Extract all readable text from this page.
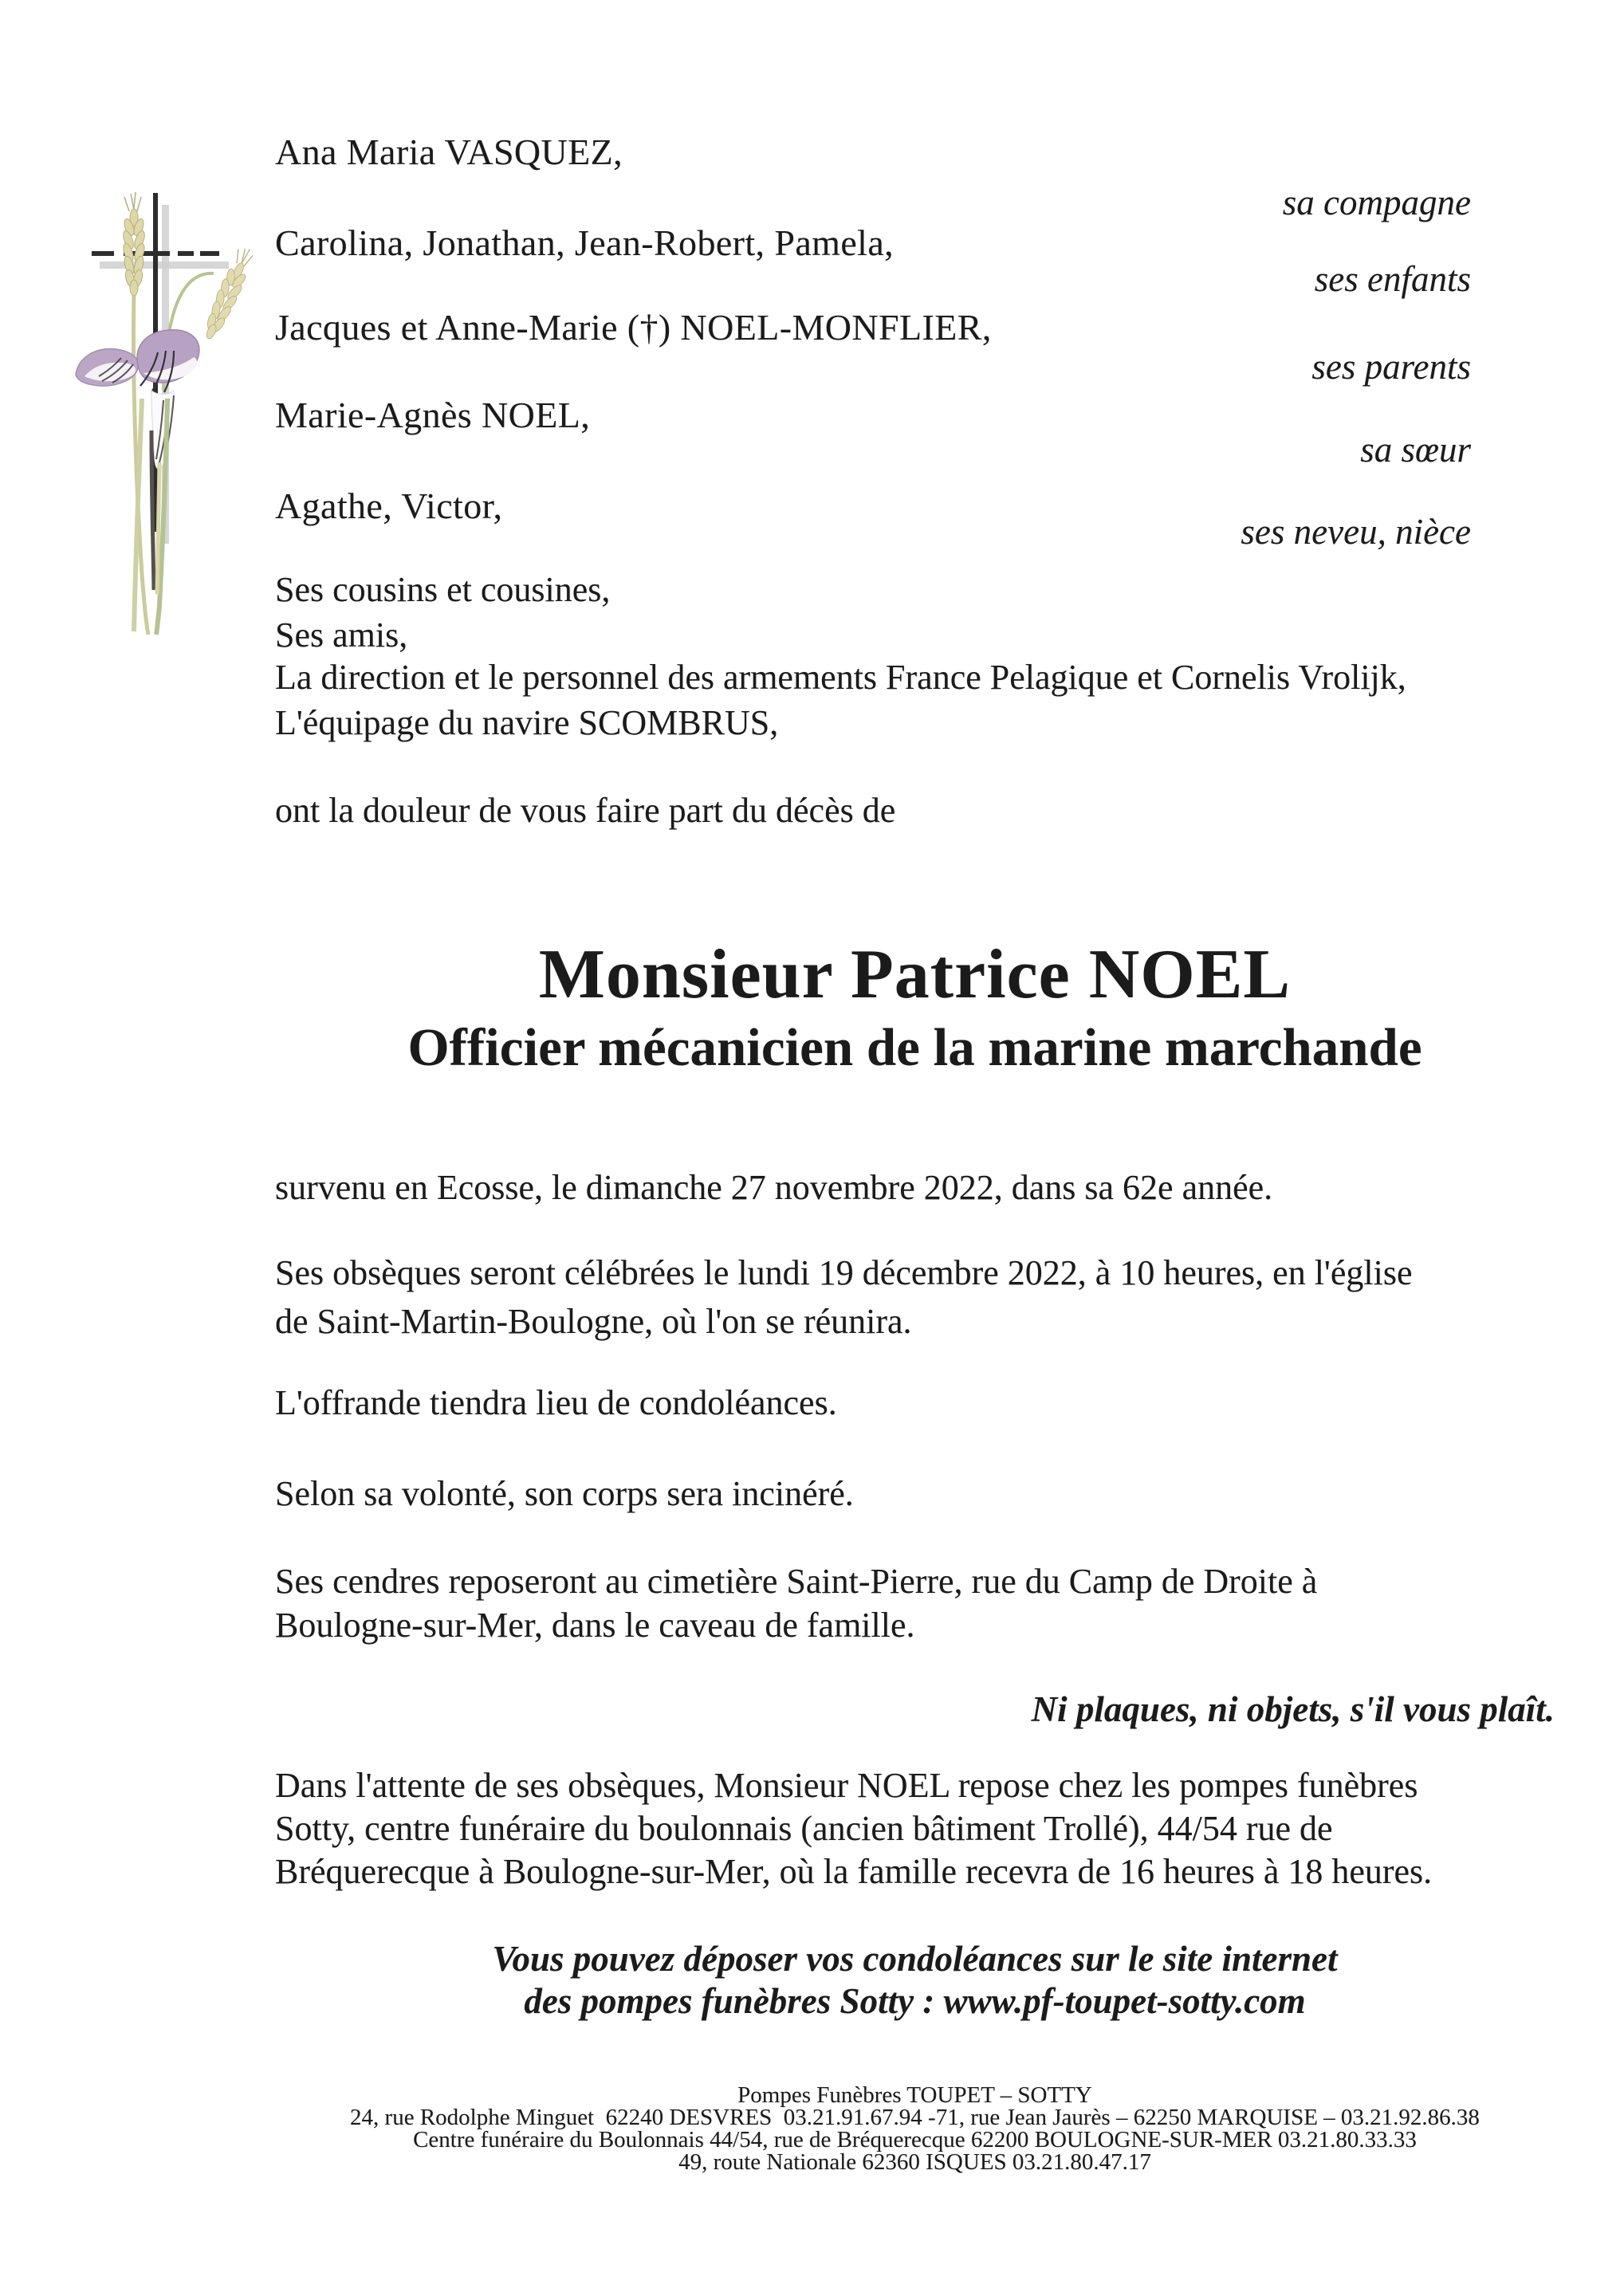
Ana Maria VASQUEZ,
sa compagne
Carolina, Jonathan, Jean-Robert, Pamela,
ses enfants
Jacques et Anne-Marie (†) NOEL-MONFLIER,
ses parents
Marie-Agnès NOEL,
sa sœur
Agathe, Victor,
ses neveu, nièce
Ses cousins et cousines,
Ses amis,
La direction et le personnel des armements France Pelagique et Cornelis Vrolijk,
L'équipage du navire SCOMBRUS,
ont la douleur de vous faire part du décès de
Monsieur Patrice NOEL
Officier mécanicien de la marine marchande
survenu en Ecosse, le dimanche 27 novembre 2022, dans sa 62e année.
Ses obsèques seront célébrées le lundi 19 décembre 2022, à 10 heures, en l'église
de Saint-Martin-Boulogne, où l'on se réunira.
L'offrande tiendra lieu de condoléances.
Selon sa volonté, son corps sera incinéré.
Ses cendres reposeront au cimetière Saint-Pierre, rue du Camp de Droite à
Boulogne-sur-Mer, dans le caveau de famille.
Ni plaques, ni objets, s'il vous plaît.
Dans l'attente de ses obsèques, Monsieur NOEL repose chez les pompes funèbres
Sotty, centre funéraire du boulonnais (ancien bâtiment Trollé), 44/54 rue de
Bréquerecque à Boulogne-sur-Mer, où la famille recevra de 16 heures à 18 heures.
Vous pouvez déposer vos condoléances sur le site internet
des pompes funèbres Sotty : www.pf-toupet-sotty.com
Pompes Funèbres TOUPET – SOTTY
24, rue Rodolphe Minguet  62240 DESVRES  03.21.91.67.94 -71, rue Jean Jaurès – 62250 MARQUISE – 03.21.92.86.38
Centre funéraire du Boulonnais 44/54, rue de Bréquerecque 62200 BOULOGNE-SUR-MER 03.21.80.33.33
49, route Nationale 62360 ISQUES 03.21.80.47.17
